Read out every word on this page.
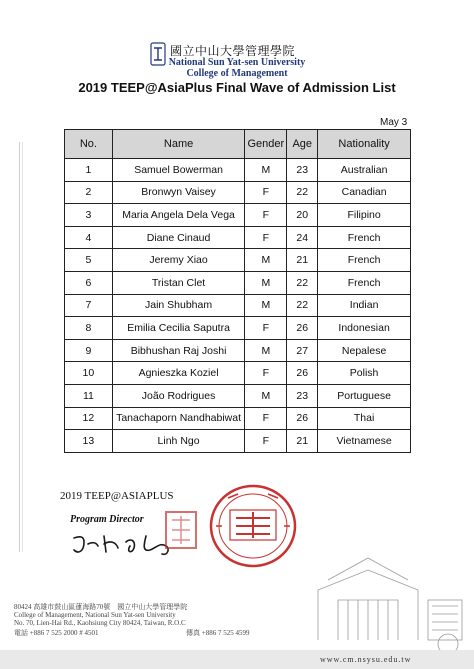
國立中山大學管理學院
National Sun Yat-sen University
College of Management
2019 TEEP@AsiaPlus Final Wave of Admission List
May 3
No.	Name	Gender	Age	Nationality
1	Samuel Bowerman	M	23	Australian
2	Bronwyn Vaisey	F	22	Canadian
3	Maria Angela Dela Vega	F	20	Filipino
4	Diane Cinaud	F	24	French
5	Jeremy Xiao	M	21	French
6	Tristan Clet	M	22	French
7	Jain Shubham	M	22	Indian
8	Emilia Cecilia Saputra	F	26	Indonesian
9	Bibhushan Raj Joshi	M	27	Nepalese
10	Agnieszka Koziel	F	26	Polish
11	João Rodrigues	M	23	Portuguese
12	Tanachaporn Nandhabiwat	F	26	Thai
13	Linh Ngo	F	21	Vietnamese
2019 TEEP@ASIAPLUS
Program Director
80424 高雄市鼓山區蓮海路70號　國立中山大學管理學院
College of Management, National Sun Yat-sen University
No. 70, Lien-Hai Rd., Kaohsiung City 80424, Taiwan, R.O.C
電話 +886 7 525 2000 # 4501	傳真 +886 7 525 4599
www.cm.nsysu.edu.tw
